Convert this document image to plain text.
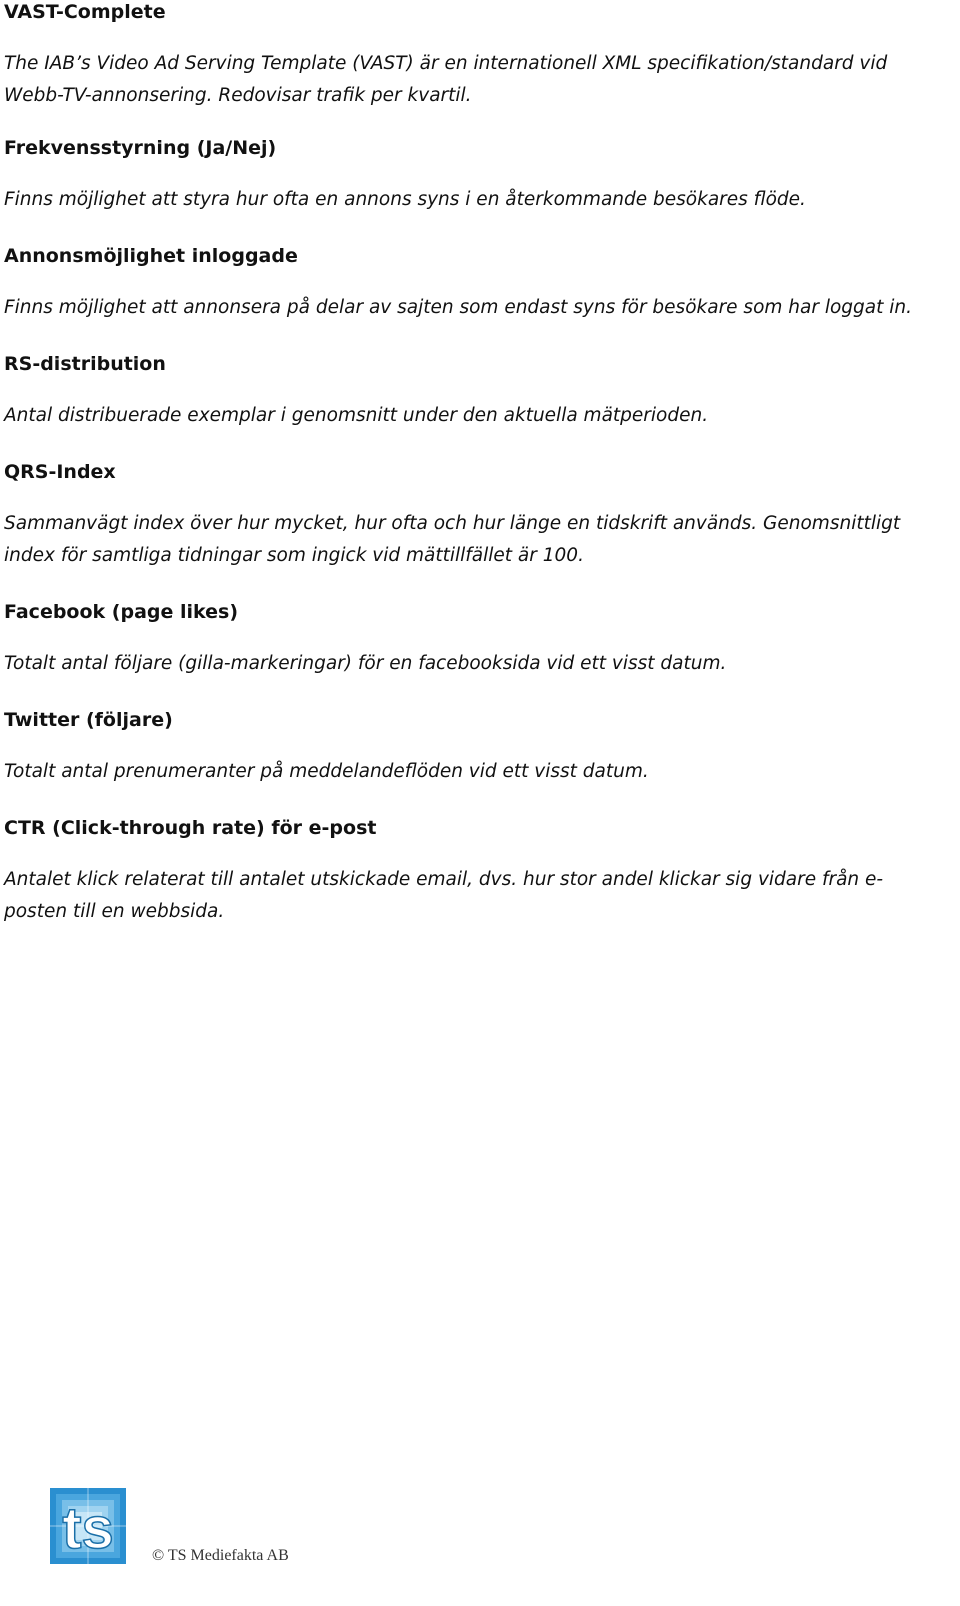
VAST-Complete

The IAB’s Video Ad Serving Template (VAST) är en internationell XML specifikation/standard vid Webb-TV-annonsering. Redovisar trafik per kvartil.

Frekvensstyrning (Ja/Nej)

Finns möjlighet att styra hur ofta en annons syns i en återkommande besökares flöde.

Annonsmöjlighet inloggade

Finns möjlighet att annonsera på delar av sajten som endast syns för besökare som har loggat in.

RS-distribution

Antal distribuerade exemplar i genomsnitt under den aktuella mätperioden.

QRS-Index

Sammanvägt index över hur mycket, hur ofta och hur länge en tidskrift används. Genomsnittligt index för samtliga tidningar som ingick vid mättillfället är 100.

Facebook (page likes)

Totalt antal följare (gilla-markeringar) för en facebooksida vid ett visst datum.

Twitter (följare)

Totalt antal prenumeranter på meddelandeflöden vid ett visst datum.

CTR (Click-through rate) för e-post

Antalet klick relaterat till antalet utskickade email, dvs. hur stor andel klickar sig vidare från e-posten till en webbsida.

ts © TS Mediefakta AB
